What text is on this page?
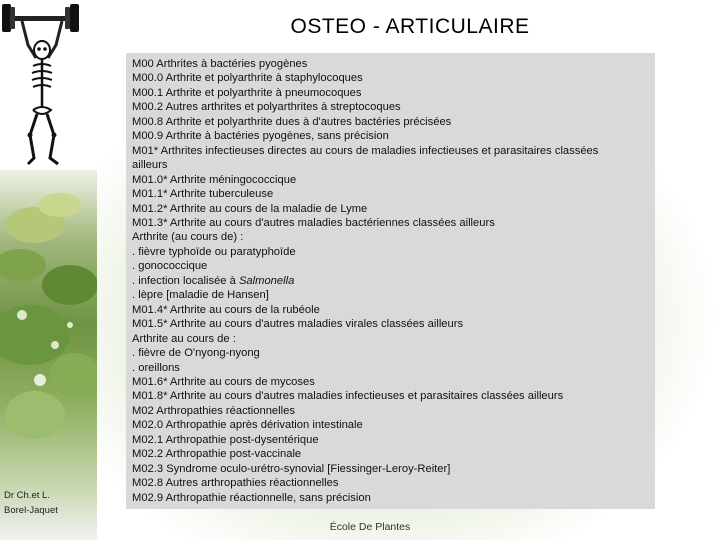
Dr Ch.et L.
Borel-Jaquet
OSTEO - ARTICULAIRE
M00 Arthrites à bactéries pyogènes
M00.0 Arthrite et polyarthrite à staphylocoques
M00.1 Arthrite et polyarthrite à pneumocoques
M00.2 Autres arthrites et polyarthrites à streptocoques
M00.8 Arthrite et polyarthrite dues à d'autres bactéries précisées
M00.9 Arthrite à bactéries pyogènes, sans précision
M01* Arthrites infectieuses directes au cours de maladies infectieuses et parasitaires classées
ailleurs
M01.0* Arthrite méningococcique
M01.1* Arthrite tuberculeuse
M01.2* Arthrite au cours de la maladie de Lyme
M01.3* Arthrite au cours d'autres maladies bactériennes classées ailleurs
Arthrite (au cours de) :
. fièvre typhoïde ou paratyphoïde
. gonococcique
. infection localisée à Salmonella
. lèpre [maladie de Hansen]
M01.4* Arthrite au cours de la rubéole
M01.5* Arthrite au cours d'autres maladies virales classées ailleurs
Arthrite au cours de :
. fièvre de O'nyong-nyong
. oreillons
M01.6* Arthrite au cours de mycoses
M01.8* Arthrite au cours d'autres maladies infectieuses et parasitaires classées ailleurs
M02 Arthropathies réactionnelles
M02.0 Arthropathie après dérivation intestinale
M02.1 Arthropathie post-dysentérique
M02.2 Arthropathie post-vaccinale
M02.3 Syndrome oculo-urétro-synovial [Fiessinger-Leroy-Reiter]
M02.8 Autres arthropathies réactionnelles
M02.9 Arthropathie réactionnelle, sans précision
École De Plantes
